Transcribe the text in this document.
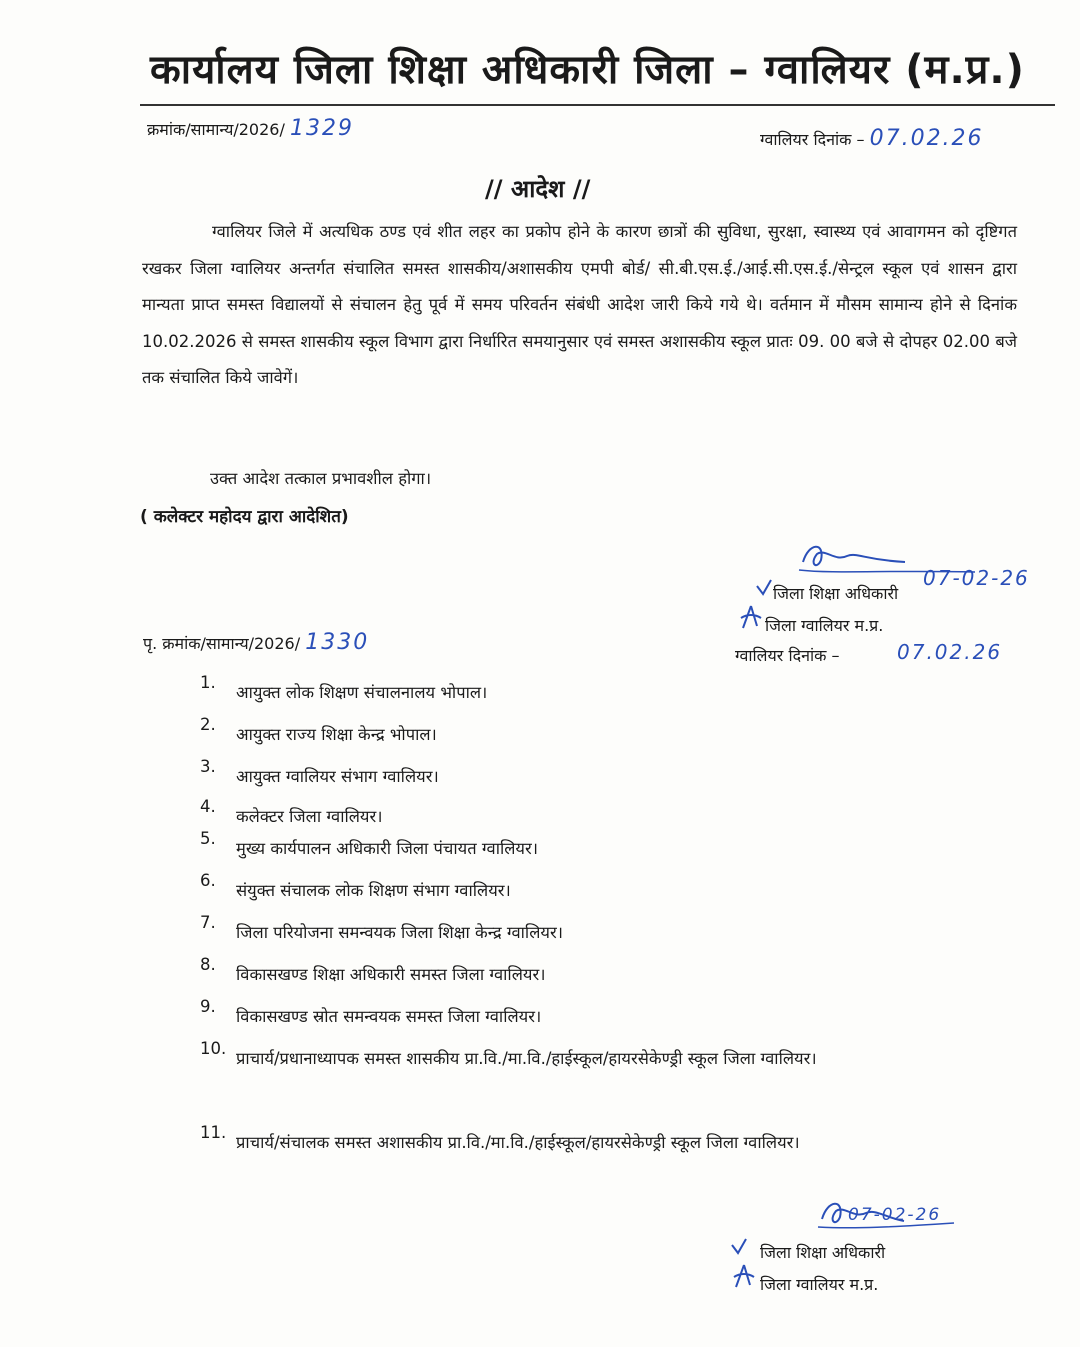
कार्यालय जिला शिक्षा अधिकारी जिला – ग्वालियर (म.प्र.)
क्रमांक/सामान्य/2026/ 1329	ग्वालियर दिनांक – 07.02.26
// आदेश //
ग्वालियर जिले में अत्यधिक ठण्ड एवं शीत लहर का प्रकोप होने के कारण छात्रों की सुविधा, सुरक्षा, स्वास्थ्य एवं आवागमन को दृष्टिगत रखकर जिला ग्वालियर अन्तर्गत संचालित समस्त शासकीय/अशासकीय एमपी बोर्ड/ सी.बी.एस.ई./आई.सी.एस.ई./सेन्ट्रल स्कूल एवं शासन द्वारा मान्यता प्राप्त समस्त विद्यालयों से संचालन हेतु पूर्व में समय परिवर्तन संबंधी आदेश जारी किये गये थे। वर्तमान में मौसम सामान्य होने से दिनांक 10.02.2026 से समस्त शासकीय स्कूल विभाग द्वारा निर्धारित समयानुसार एवं समस्त अशासकीय स्कूल प्रातः 09. 00 बजे से दोपहर 02.00 बजे तक संचालित किये जावेगें।
उक्त आदेश तत्काल प्रभावशील होगा।
( कलेक्टर महोदय द्वारा आदेशित)
07-02-26
जिला शिक्षा अधिकारी
जिला ग्वालियर म.प्र.
ग्वालियर दिनांक –	07.02.26
पृ. क्रमांक/सामान्य/2026/ 1330
1.
आयुक्त लोक शिक्षण संचालनालय भोपाल।
2.
आयुक्त राज्य शिक्षा केन्द्र भोपाल।
3.
आयुक्त ग्वालियर संभाग ग्वालियर।
4.
कलेक्टर जिला ग्वालियर।
5.
मुख्य कार्यपालन अधिकारी जिला पंचायत ग्वालियर।
6.
संयुक्त संचालक लोक शिक्षण संभाग ग्वालियर।
7.
जिला परियोजना समन्वयक जिला शिक्षा केन्द्र ग्वालियर।
8.
विकासखण्ड शिक्षा अधिकारी समस्त जिला ग्वालियर।
9.
विकासखण्ड स्रोत समन्वयक समस्त जिला ग्वालियर।
10.
प्राचार्य/प्रधानाध्यापक समस्त शासकीय प्रा.वि./मा.वि./हाईस्कूल/हायरसेकेण्ड्री स्कूल जिला ग्वालियर।
11.
प्राचार्य/संचालक समस्त अशासकीय प्रा.वि./मा.वि./हाईस्कूल/हायरसेकेण्ड्री स्कूल जिला ग्वालियर।
07-02-26
जिला शिक्षा अधिकारी
जिला ग्वालियर म.प्र.
